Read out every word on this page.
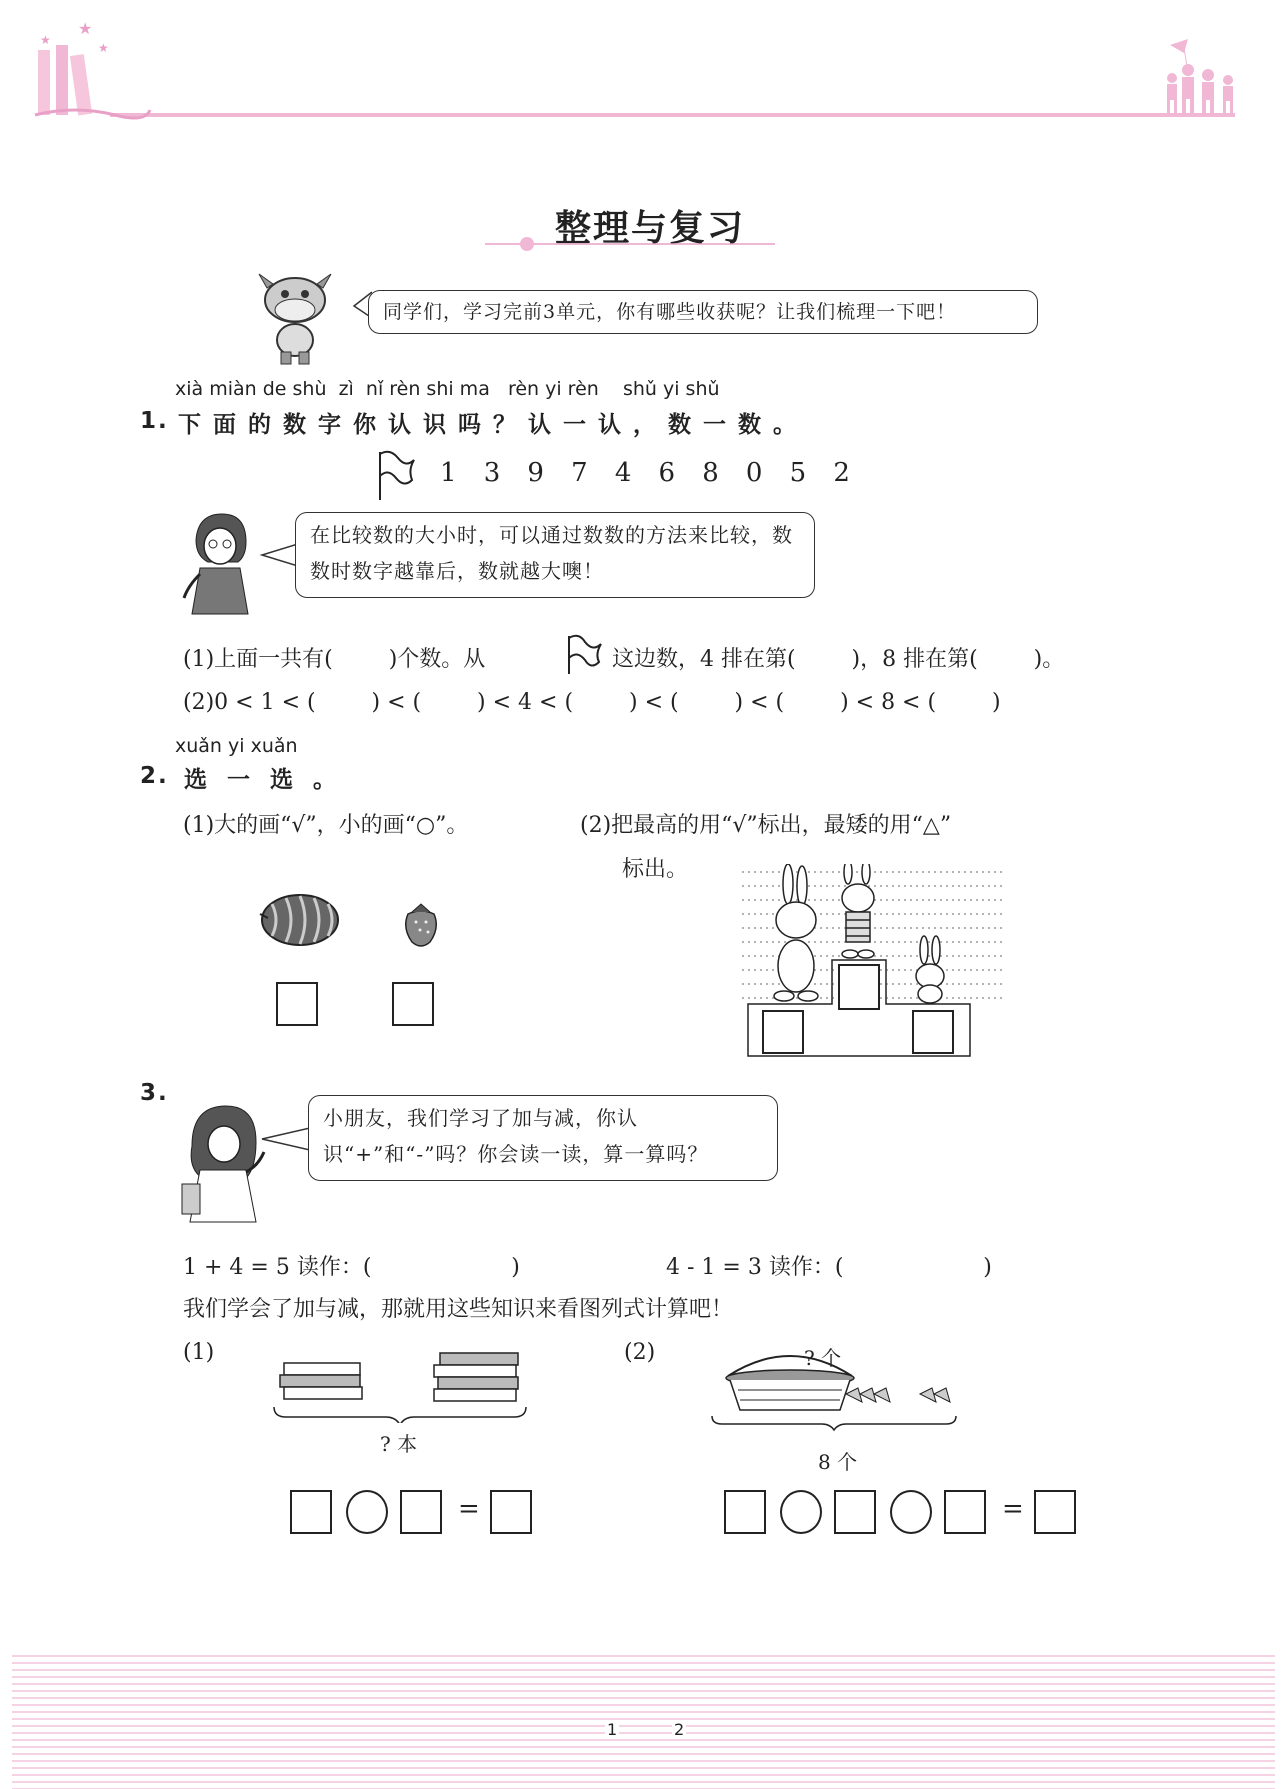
★
★
★
整理与复习
同学们，学习完前3单元，你有哪些收获呢？让我们梳理一下吧！
xià miàn de shù  zì  nǐ rèn shi ma   rèn yi rèn    shǔ yi shǔ
1. 下面的数字你认识吗？认一认，数一数。
1 3 9 7 4 6 8 0 5 2
在比较数的大小时，可以通过数数的方法来比较，数数时数字越靠后，数就越大噢！
(1)上面一共有(        )个数。从	这边数，4 排在第(        )，8 排在第(        )。
(2)0 < 1 < (        ) < (        ) < 4 < (        ) < (        ) < (        ) < 8 < (        )
xuǎn yi xuǎn
2. 选一选。
(1)大的画“√”，小的画“○”。	(2)把最高的用“√”标出，最矮的用“△”
标出。
3.
小朋友，我们学习了加与减，你认识“+”和“-”吗？你会读一读，算一算吗？
1 + 4 = 5 读作：(                    )	4 - 1 = 3 读作：(                    )
我们学会了加与减，那就用这些知识来看图列式计算吧！
(1)
? 本
=
(2)	? 个
8 个
=
1	2
